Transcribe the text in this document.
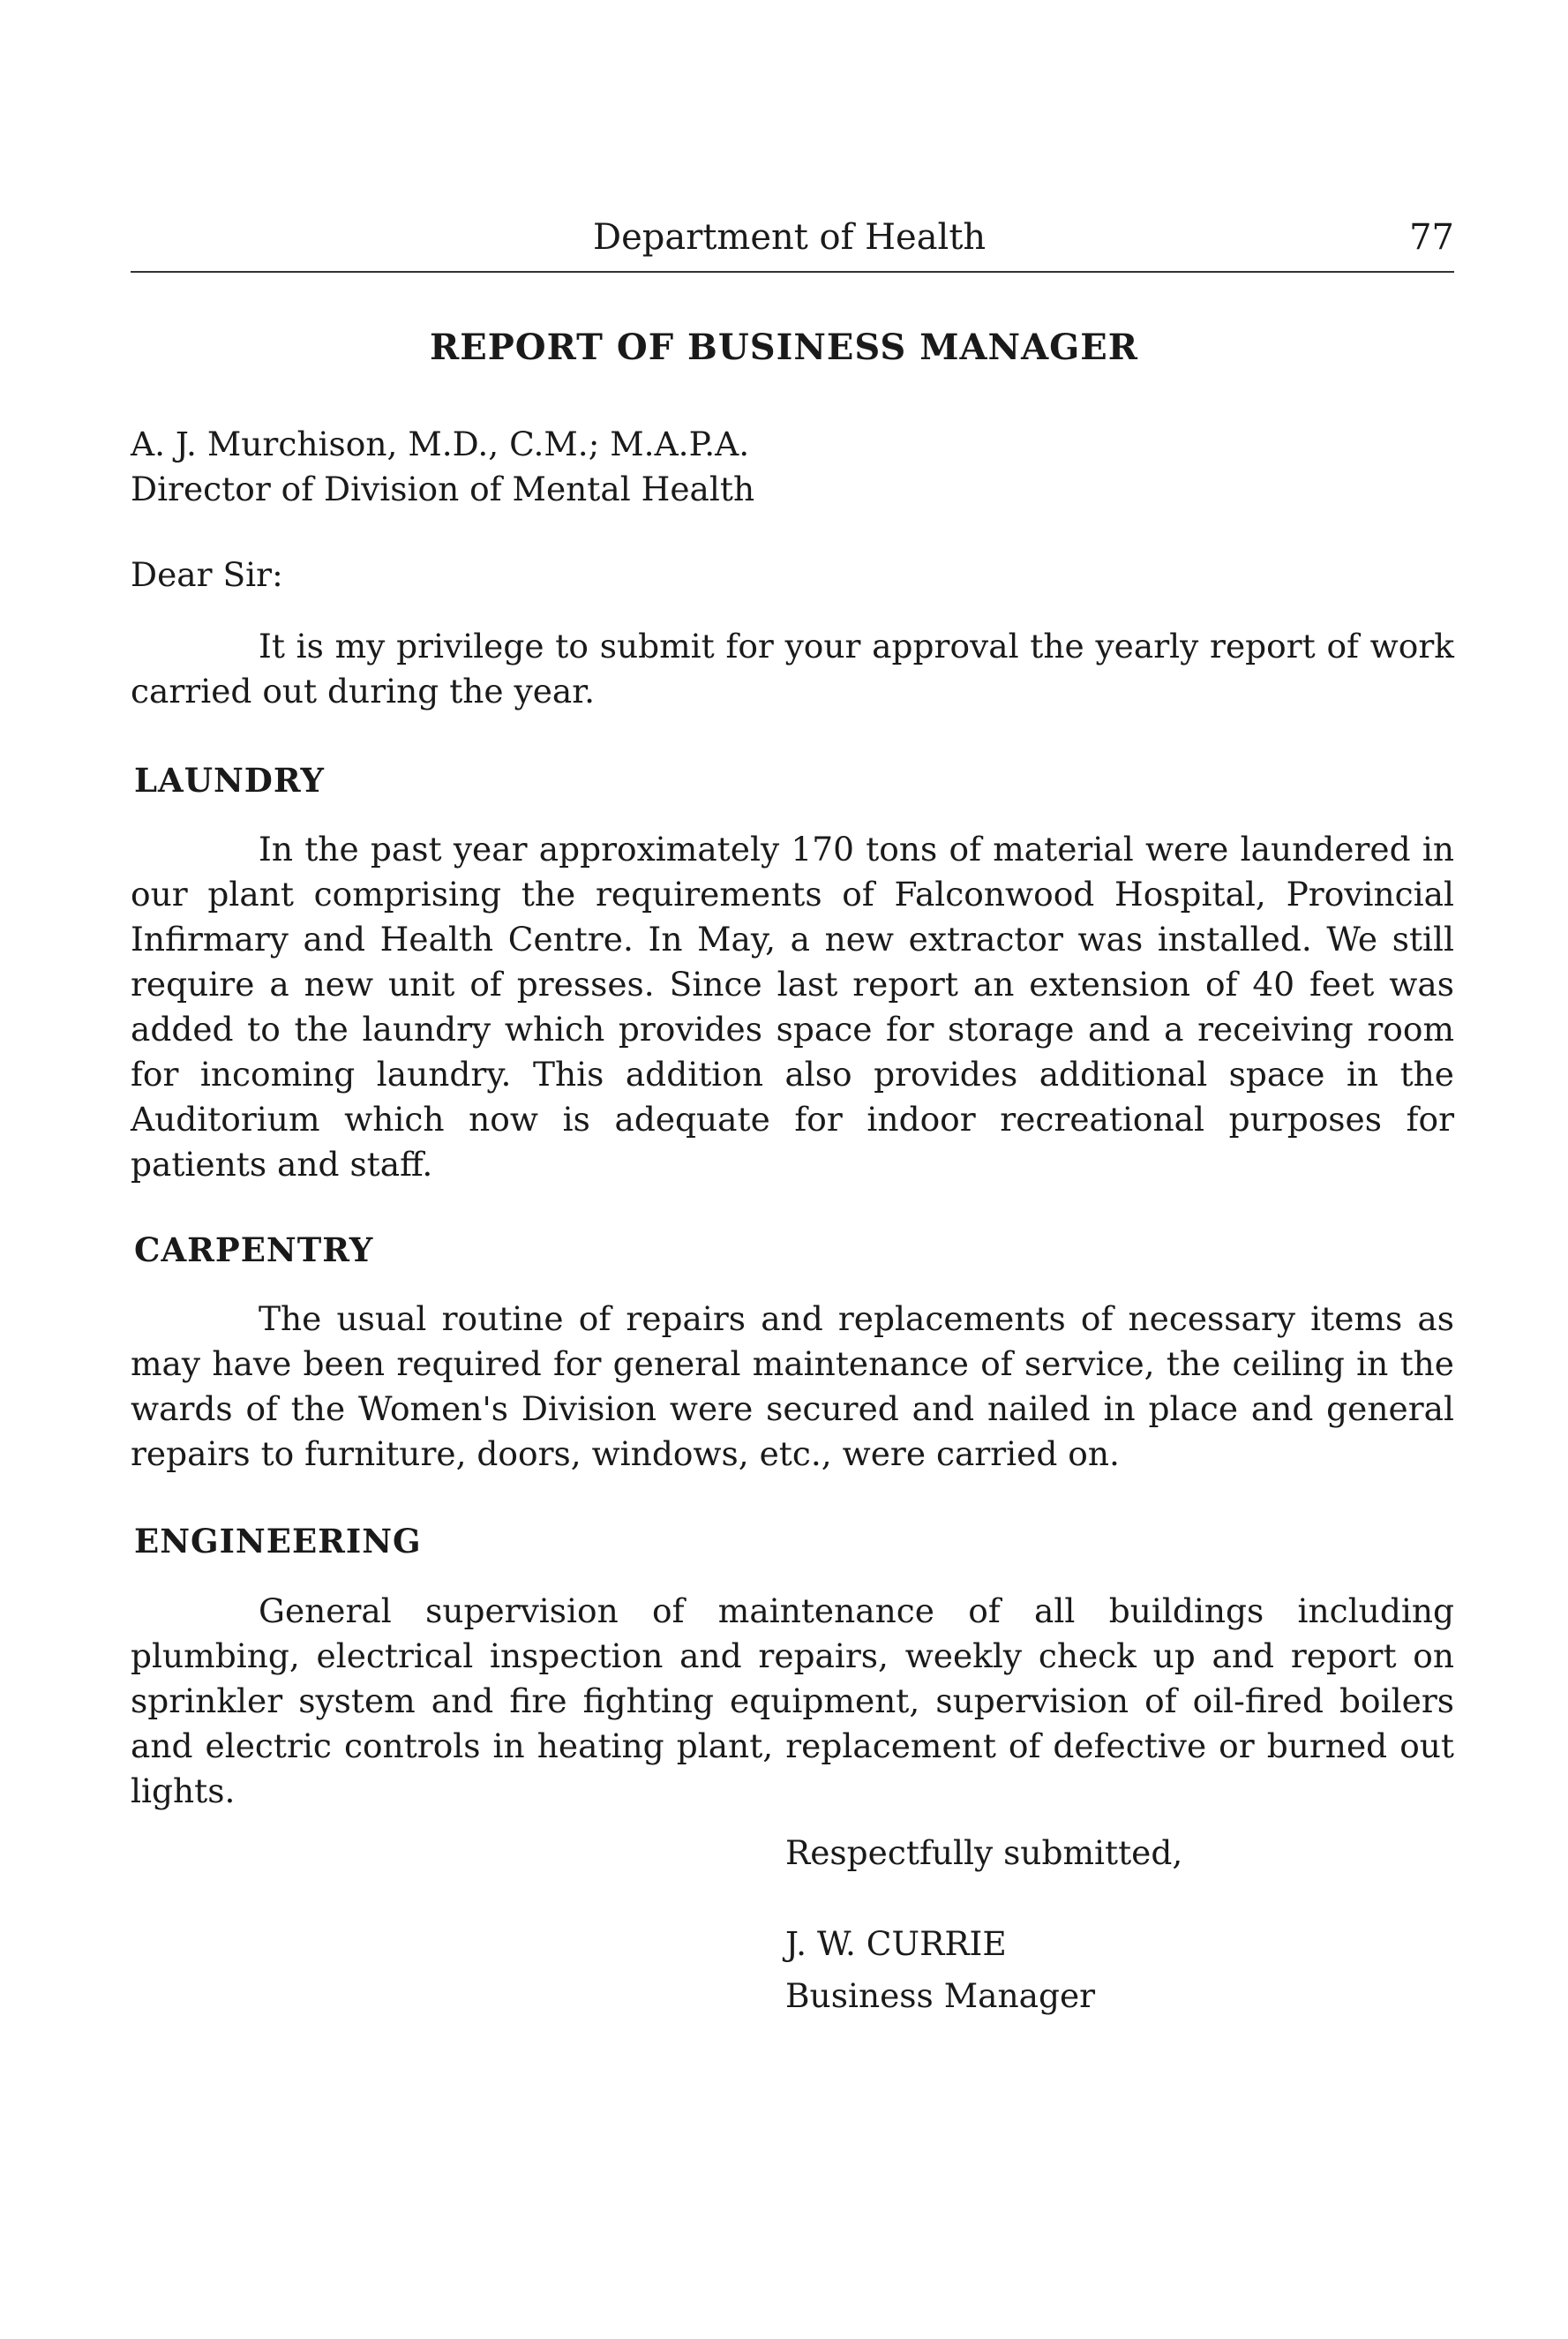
Department of Health	77
REPORT OF BUSINESS MANAGER
A. J. Murchison, M.D., C.M.; M.A.P.A.
Director of Division of Mental Health
Dear Sir:

It is my privilege to submit for your approval the yearly report of work carried out during the year.

LAUNDRY

In the past year approximately 170 tons of material were laundered in our plant comprising the requirements of Falconwood Hospital, Provincial Infirmary and Health Centre. In May, a new extractor was installed. We still require a new unit of presses. Since last report an extension of 40 feet was added to the laundry which provides space for storage and a receiving room for incoming laundry. This addition also provides additional space in the Auditorium which now is adequate for indoor recreational purposes for patients and staff.

CARPENTRY

The usual routine of repairs and replacements of necessary items as may have been required for general maintenance of service, the ceiling in the wards of the Women's Division were secured and nailed in place and general repairs to furniture, doors, windows, etc., were carried on.

ENGINEERING

General supervision of maintenance of all buildings including plumbing, electrical inspection and repairs, weekly check up and report on sprinkler system and fire fighting equipment, supervision of oil-fired boilers and electric controls in heating plant, replacement of defective or burned out lights.

Respectfully submitted,
J. W. CURRIE
Business Manager
